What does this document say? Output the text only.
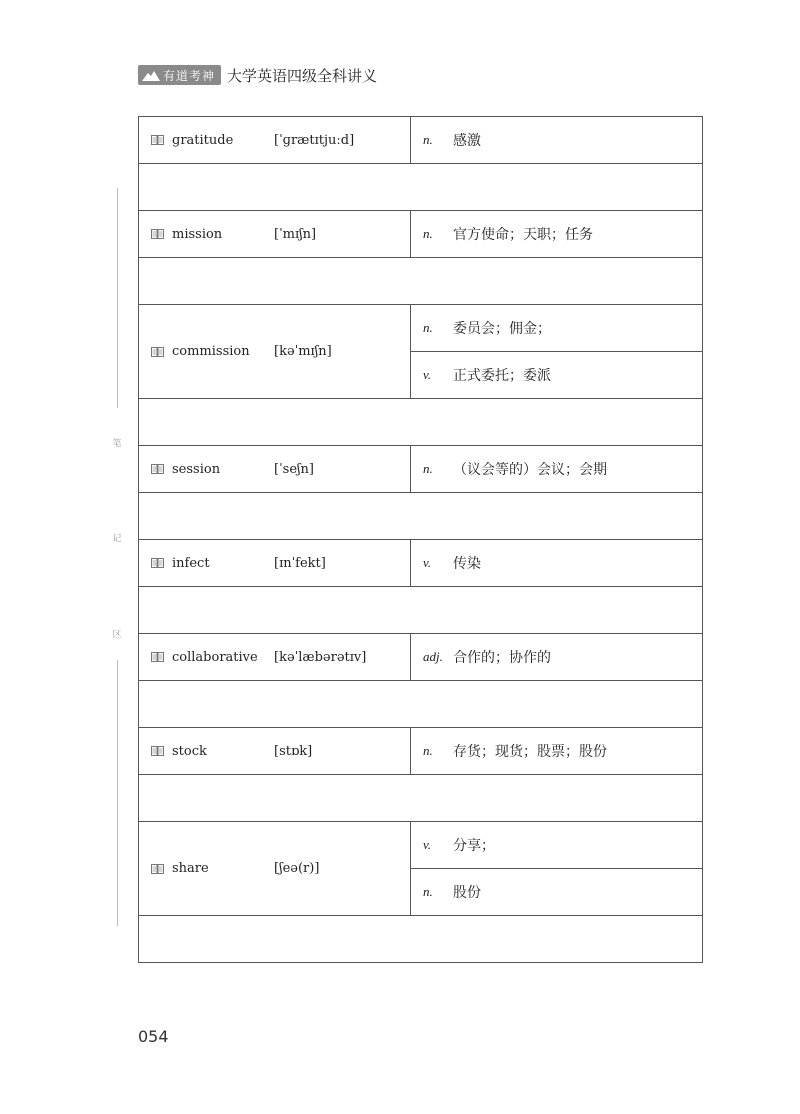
有道考神 大学英语四级全科讲义
笔
记
区
gratitude [ˈɡrætɪtjuːd]	n. 感激

mission [ˈmɪʃn]	n. 官方使命；天职；任务

commission [kəˈmɪʃn]	n. 委员会；佣金；

	v. 正式委托；委派

session [ˈseʃn]	n. （议会等的）会议；会期

infect [ɪnˈfekt]	v. 传染

collaborative [kəˈlæbərətɪv]	adj. 合作的；协作的

stock [stɒk]	n. 存货；现货；股票；股份

share [ʃeə(r)]	v. 分享；

	n. 股份

054
